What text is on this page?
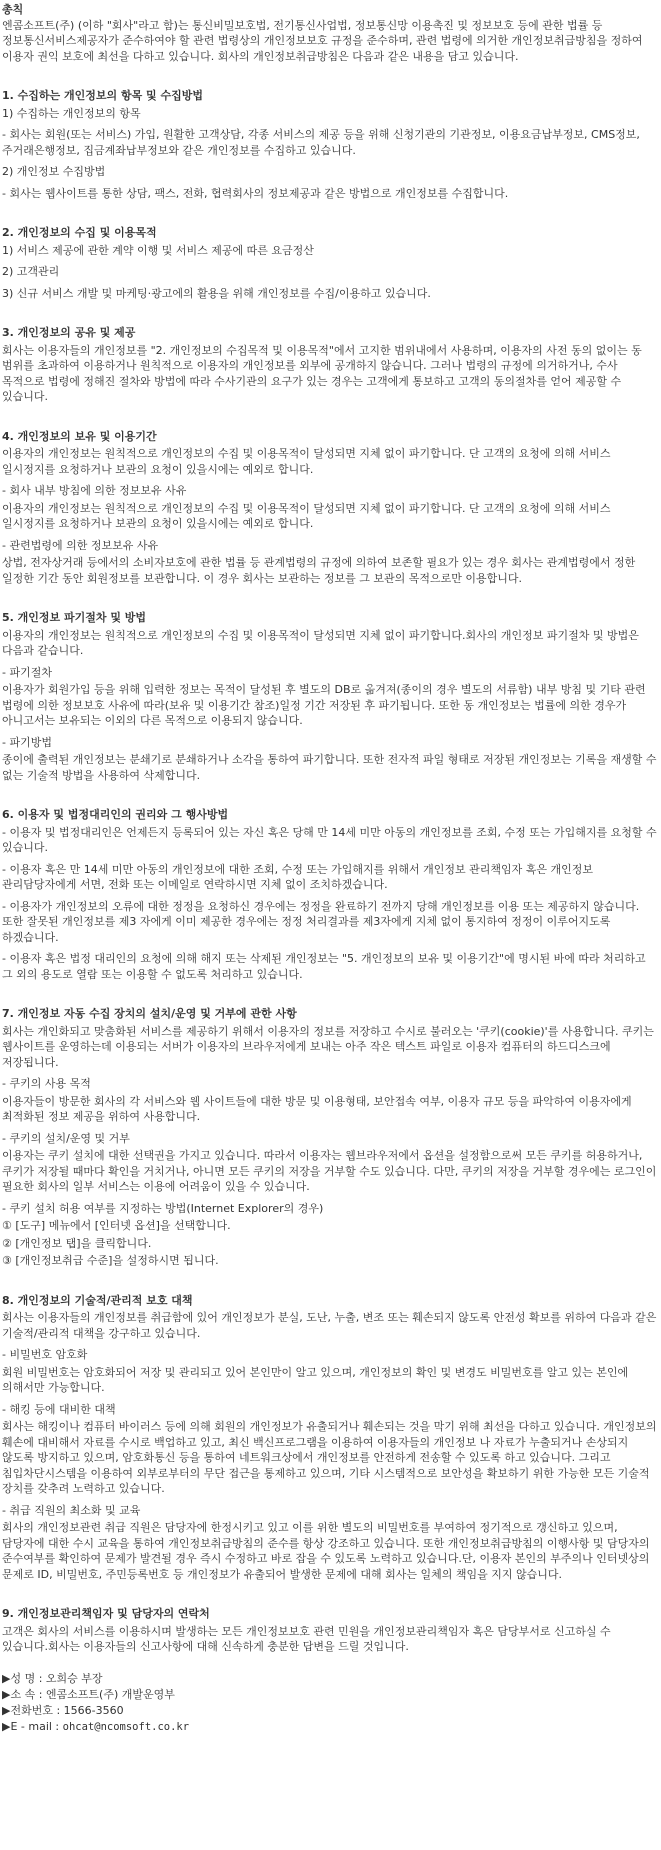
총칙

엔콤소프트(주) (이하 "회사"라고 함)는 통신비밀보호법, 전기통신사업법, 정보통신망 이용촉진 및 정보보호 등에 관한 법률 등 정보통신서비스제공자가 준수하여야 할 관련 법령상의 개인정보보호 규정을 준수하며, 관련 법령에 의거한 개인정보취급방침을 정하여 이용자 권익 보호에 최선을 다하고 있습니다. 회사의 개인정보취급방침은 다음과 같은 내용을 담고 있습니다.

1. 수집하는 개인정보의 항목 및 수집방법

1) 수집하는 개인정보의 항목

- 회사는 회원(또는 서비스) 가입, 원활한 고객상담, 각종 서비스의 제공 등을 위해 신청기관의 기관정보, 이용요금납부정보, CMS정보, 주거래은행정보, 집금계좌납부정보와 같은 개인정보를 수집하고 있습니다.

2) 개인정보 수집방법

- 회사는 웹사이트를 통한 상담, 팩스, 전화, 협력회사의 정보제공과 같은 방법으로 개인정보를 수집합니다.

2. 개인정보의 수집 및 이용목적

1) 서비스 제공에 관한 계약 이행 및 서비스 제공에 따른 요금정산

2) 고객관리

3) 신규 서비스 개발 및 마케팅·광고에의 활용을 위해 개인정보를 수집/이용하고 있습니다.

3. 개인정보의 공유 및 제공

회사는 이용자들의 개인정보를 "2. 개인정보의 수집목적 및 이용목적"에서 고지한 범위내에서 사용하며, 이용자의 사전 동의 없이는 동 범위를 초과하여 이용하거나 원칙적으로 이용자의 개인정보를 외부에 공개하지 않습니다. 그러나 법령의 규정에 의거하거나, 수사 목적으로 법령에 정해진 절차와 방법에 따라 수사기관의 요구가 있는 경우는 고객에게 통보하고 고객의 동의절차를 얻어 제공할 수 있습니다.

4. 개인정보의 보유 및 이용기간

이용자의 개인정보는 원칙적으로 개인정보의 수집 및 이용목적이 달성되면 지체 없이 파기합니다. 단 고객의 요청에 의해 서비스 일시정지를 요청하거나 보관의 요청이 있을시에는 예외로 합니다.

- 회사 내부 방침에 의한 정보보유 사유

이용자의 개인정보는 원칙적으로 개인정보의 수집 및 이용목적이 달성되면 지체 없이 파기합니다. 단 고객의 요청에 의해 서비스 일시정지를 요청하거나 보관의 요청이 있을시에는 예외로 합니다.

- 관련법령에 의한 정보보유 사유

상법, 전자상거래 등에서의 소비자보호에 관한 법률 등 관계법령의 규정에 의하여 보존할 필요가 있는 경우 회사는 관계법령에서 정한 일정한 기간 동안 회원정보를 보관합니다. 이 경우 회사는 보관하는 정보를 그 보관의 목적으로만 이용합니다.

5. 개인정보 파기절차 및 방법

이용자의 개인정보는 원칙적으로 개인정보의 수집 및 이용목적이 달성되면 지체 없이 파기합니다.회사의 개인정보 파기절차 및 방법은 다음과 같습니다.

- 파기절차

이용자가 회원가입 등을 위해 입력한 정보는 목적이 달성된 후 별도의 DB로 옮겨져(종이의 경우 별도의 서류함) 내부 방침 및 기타 관련 법령에 의한 정보보호 사유에 따라(보유 및 이용기간 참조)일정 기간 저장된 후 파기됩니다. 또한 동 개인정보는 법률에 의한 경우가 아니고서는 보유되는 이외의 다른 목적으로 이용되지 않습니다.

- 파기방법

종이에 출력된 개인정보는 분쇄기로 분쇄하거나 소각을 통하여 파기합니다. 또한 전자적 파일 형태로 저장된 개인정보는 기록을 재생할 수 없는 기술적 방법을 사용하여 삭제합니다.

6. 이용자 및 법정대리인의 권리와 그 행사방법

- 이용자 및 법정대리인은 언제든지 등록되어 있는 자신 혹은 당해 만 14세 미만 아동의 개인정보를 조회, 수정 또는 가입해지를 요청할 수 있습니다.

- 이용자 혹은 만 14세 미만 아동의 개인정보에 대한 조회, 수정 또는 가입해지를 위해서 개인정보 관리책임자 혹은 개인정보 관리담당자에게 서면, 전화 또는 이메일로 연락하시면 지체 없이 조치하겠습니다.

- 이용자가 개인정보의 오류에 대한 정정을 요청하신 경우에는 정정을 완료하기 전까지 당해 개인정보를 이용 또는 제공하지 않습니다. 또한 잘못된 개인정보를 제3 자에게 이미 제공한 경우에는 정정 처리결과를 제3자에게 지체 없이 통지하여 정정이 이루어지도록 하겠습니다.

- 이용자 혹은 법정 대리인의 요청에 의해 해지 또는 삭제된 개인정보는 "5. 개인정보의 보유 및 이용기간"에 명시된 바에 따라 처리하고 그 외의 용도로 열람 또는 이용할 수 없도록 처리하고 있습니다.

7. 개인정보 자동 수집 장치의 설치/운영 및 거부에 관한 사항

회사는 개인화되고 맞춤화된 서비스를 제공하기 위해서 이용자의 정보를 저장하고 수시로 불러오는 '쿠키(cookie)'를 사용합니다. 쿠키는 웹사이트를 운영하는데 이용되는 서버가 이용자의 브라우저에게 보내는 아주 작은 텍스트 파일로 이용자 컴퓨터의 하드디스크에 저장됩니다.

- 쿠키의 사용 목적

이용자들이 방문한 회사의 각 서비스와 웹 사이트들에 대한 방문 및 이용형태, 보안접속 여부, 이용자 규모 등을 파악하여 이용자에게 최적화된 정보 제공을 위하여 사용합니다.

- 쿠키의 설치/운영 및 거부

이용자는 쿠키 설치에 대한 선택권을 가지고 있습니다. 따라서 이용자는 웹브라우저에서 옵션을 설정함으로써 모든 쿠키를 허용하거나, 쿠키가 저장될 때마다 확인을 거치거나, 아니면 모든 쿠키의 저장을 거부할 수도 있습니다. 다만, 쿠키의 저장을 거부할 경우에는 로그인이 필요한 회사의 일부 서비스는 이용에 어려움이 있을 수 있습니다.

- 쿠키 설치 허용 여부를 지정하는 방법(Internet Explorer의 경우)

① [도구] 메뉴에서 [인터넷 옵션]을 선택합니다.

② [개인정보 탭]을 클릭합니다.

③ [개인정보취급 수준]을 설정하시면 됩니다.

8. 개인정보의 기술적/관리적 보호 대책

회사는 이용자들의 개인정보를 취급함에 있어 개인정보가 분실, 도난, 누출, 변조 또는 훼손되지 않도록 안전성 확보를 위하여 다음과 같은 기술적/관리적 대책을 강구하고 있습니다.

- 비밀번호 암호화

회원 비밀번호는 암호화되어 저장 및 관리되고 있어 본인만이 알고 있으며, 개인정보의 확인 및 변경도 비밀번호를 알고 있는 본인에 의해서만 가능합니다.

- 해킹 등에 대비한 대책

회사는 해킹이나 컴퓨터 바이러스 등에 의해 회원의 개인정보가 유출되거나 훼손되는 것을 막기 위해 최선을 다하고 있습니다. 개인정보의 훼손에 대비해서 자료를 수시로 백업하고 있고, 최신 백신프로그램을 이용하여 이용자들의 개인정보 나 자료가 누출되거나 손상되지 않도록 방지하고 있으며, 암호화통신 등을 통하여 네트워크상에서 개인정보를 안전하게 전송할 수 있도록 하고 있습니다. 그리고 침입차단시스템을 이용하여 외부로부터의 무단 접근을 통제하고 있으며, 기타 시스템적으로 보안성을 확보하기 위한 가능한 모든 기술적 장치를 갖추려 노력하고 있습니다.

- 취급 직원의 최소화 및 교육

회사의 개인정보관련 취급 직원은 담당자에 한정시키고 있고 이를 위한 별도의 비밀번호를 부여하여 정기적으로 갱신하고 있으며, 담당자에 대한 수시 교육을 통하여 개인정보취급방침의 준수를 항상 강조하고 있습니다. 또한 개인정보취급방침의 이행사항 및 담당자의 준수여부를 확인하여 문제가 발견될 경우 즉시 수정하고 바로 잡을 수 있도록 노력하고 있습니다.단, 이용자 본인의 부주의나 인터넷상의 문제로 ID, 비밀번호, 주민등록번호 등 개인정보가 유출되어 발생한 문제에 대해 회사는 일체의 책임을 지지 않습니다.

9. 개인정보관리책임자 및 담당자의 연락처

고객은 회사의 서비스를 이용하시며 발생하는 모든 개인정보보호 관련 민원을 개인정보관리책임자 혹은 담당부서로 신고하실 수 있습니다.회사는 이용자들의 신고사항에 대해 신속하게 충분한 답변을 드릴 것입니다.

▶성 명 : 오희승 부장

▶소 속 : 엔콤소프트(주) 개발운영부

▶전화번호 : 1566-3560

▶E - mail : ohcat@ncomsoft.co.kr
